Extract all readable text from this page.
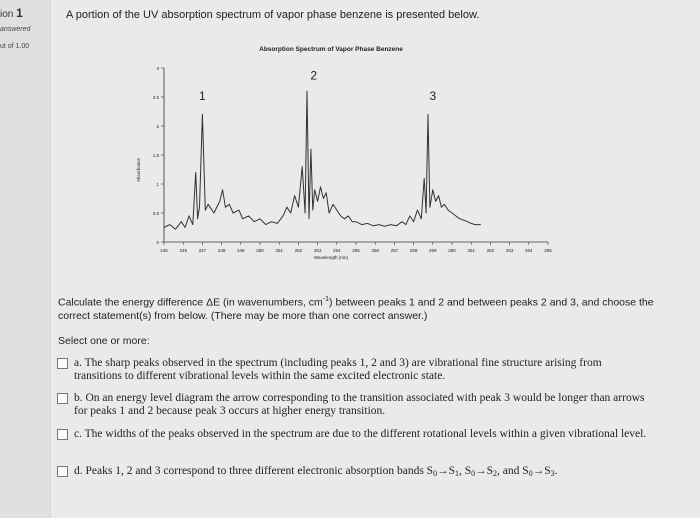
ion 1
answered
ut of 1.00
A portion of the UV absorption spectrum of vapor phase benzene is presented below.
Absorption Spectrum of Vapor Phase Benzene
0
0.5
1
1.5
2
2.5
3
245	246	247	248	249	250	251	252	253	254	255	256	257	258	259	260	261	262	263	264	265
1
2
3
Wavelength (nm)
Absorbance
Calculate the energy difference ΔE (in wavenumbers, $cm^{-1}$) between peaks 1 and 2 and between peaks 2 and 3, and choose the correct statement(s) from below. (There may be more than one correct answer.)
Select one or more:
a. The sharp peaks observed in the spectrum (including peaks 1, 2 and 3) are vibrational fine structure arising from transitions to different vibrational levels within the same excited electronic state.
b. On an energy level diagram the arrow corresponding to the transition associated with peak 3 would be longer than arrows for peaks 1 and 2 because peak 3 occurs at higher energy transition.
c. The widths of the peaks observed in the spectrum are due to the different rotational levels within a given vibrational level.
d. Peaks 1, 2 and 3 correspond to three different electronic absorption bands $S_0\to S_1$, $S_0\to S_2$, and $S_0\to S_3$.
